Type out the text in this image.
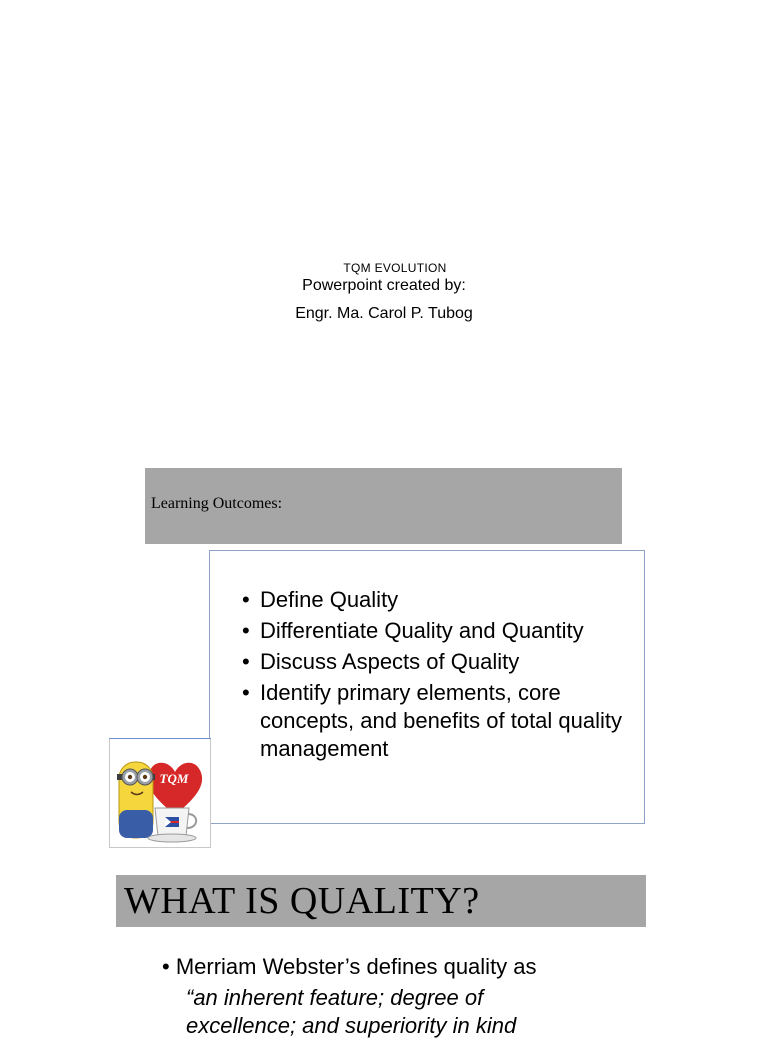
TQM EVOLUTION
Powerpoint created by:
Engr. Ma. Carol P. Tubog
Learning Outcomes:
• Define Quality
• Differentiate Quality and Quantity
• Discuss Aspects of Quality
• Identify primary elements, core concepts, and benefits of total quality management
TQM
WHAT IS QUALITY?
• Merriam Webster’s defines quality as
“an inherent feature; degree of
excellence; and superiority in kind
